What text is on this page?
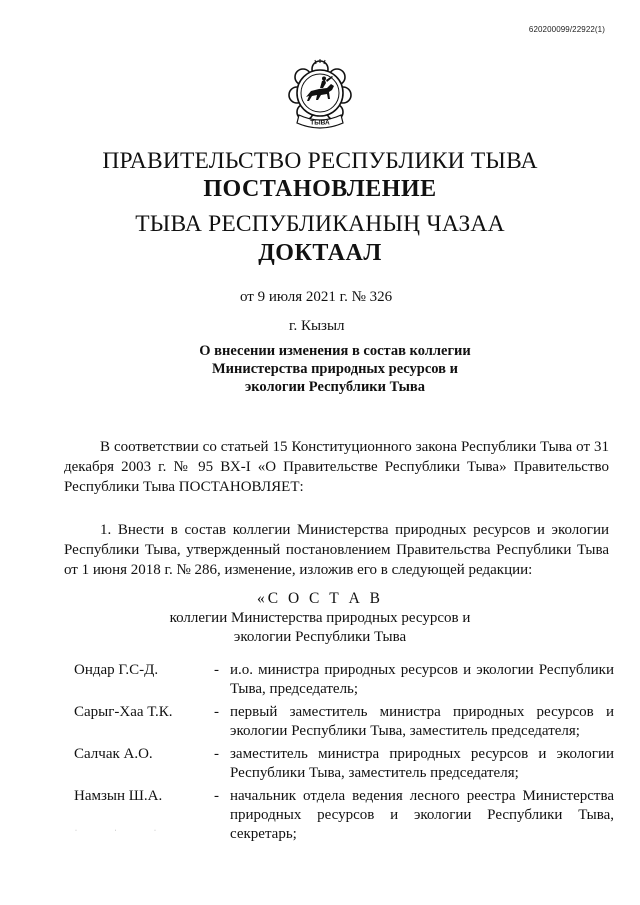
620200099/22922(1)
ТЫВА
ПРАВИТЕЛЬСТВО РЕСПУБЛИКИ ТЫВА
ПОСТАНОВЛЕНИЕ
ТЫВА РЕСПУБЛИКАНЫҢ ЧАЗАА
ДОКТААЛ
от 9 июля 2021 г. № 326
г. Кызыл
О внесении изменения в состав коллегии
Министерства природных ресурсов и
экологии Республики Тыва
В соответствии со статьей 15 Конституционного закона Республики Тыва от 31 декабря 2003 г. № 95 ВХ-I «О Правительстве Республики Тыва» Правительство Республики Тыва ПОСТАНОВЛЯЕТ:
1. Внести в состав коллегии Министерства природных ресурсов и экологии Республики Тыва, утвержденный постановлением Правительства Республики Тыва от 1 июня 2018 г. № 286, изменение, изложив его в следующей редакции:
«С О С Т А В
коллегии Министерства природных ресурсов и
экологии Республики Тыва
Ондар Г.С-Д.	- и.о. министра природных ресурсов и экологии Республики Тыва, председатель;
Сарыг-Хаа Т.К.	- первый заместитель министра природных ресурсов и экологии Республики Тыва, заместитель председателя;
Салчак А.О.	- заместитель министра природных ресурсов и экологии Республики Тыва, заместитель председателя;
Намзын Ш.А.	- начальник отдела ведения лесного реестра Министерства природных ресурсов и экологии Республики Тыва, секретарь;
· · ·
